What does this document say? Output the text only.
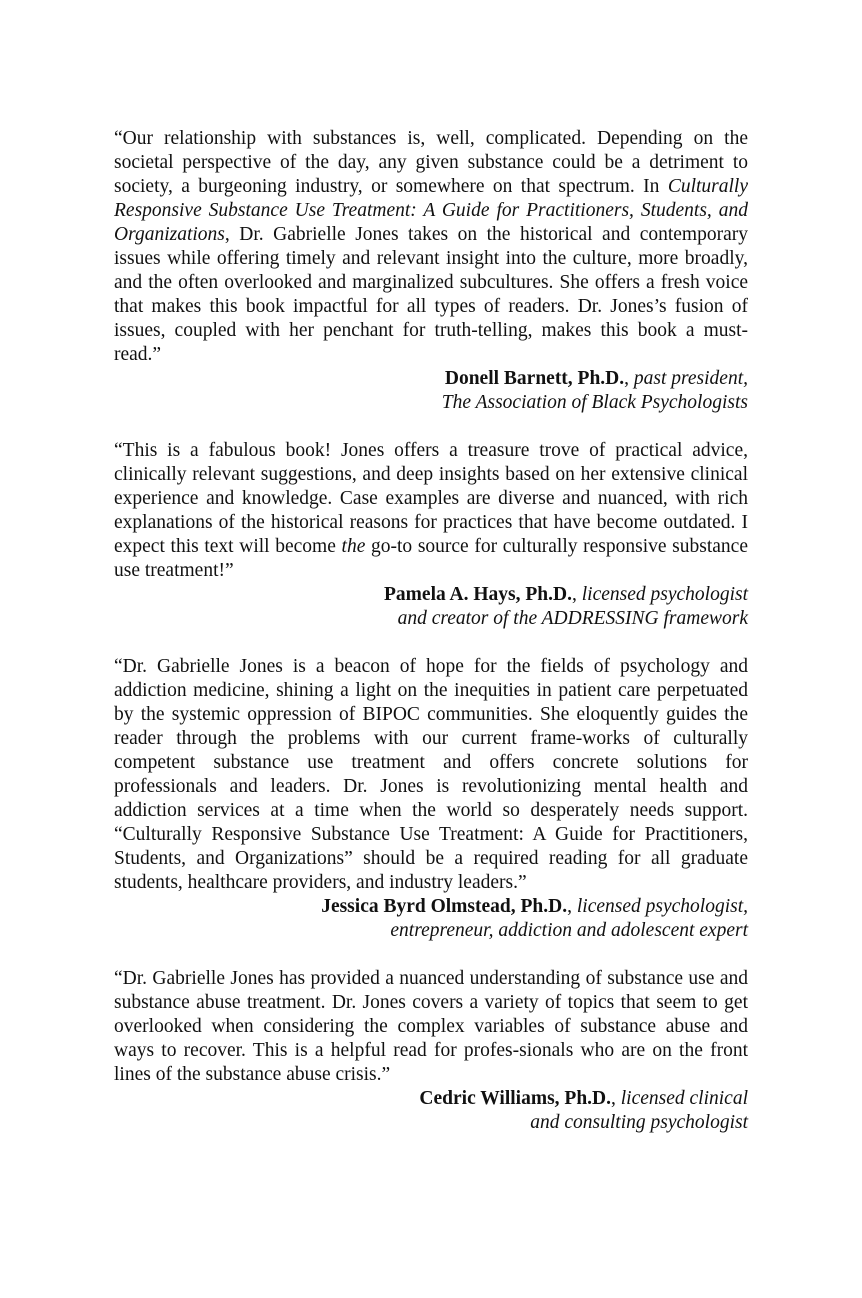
“Our relationship with substances is, well, complicated. Depending on the societal perspective of the day, any given substance could be a detriment to society, a burgeoning industry, or somewhere on that spectrum. In Culturally Responsive Substance Use Treatment: A Guide for Practitioners, Students, and Organizations, Dr. Gabrielle Jones takes on the historical and contemporary issues while offering timely and relevant insight into the culture, more broadly, and the often overlooked and marginalized subcultures. She offers a fresh voice that makes this book impactful for all types of readers. Dr. Jones’s fusion of issues, coupled with her penchant for truth-telling, makes this book a must-read.”

Donell Barnett, Ph.D., past president,

The Association of Black Psychologists

“This is a fabulous book! Jones offers a treasure trove of practical advice, clinically relevant suggestions, and deep insights based on her extensive clinical experience and knowledge. Case examples are diverse and nuanced, with rich explanations of the historical reasons for practices that have become outdated. I expect this text will become the go-to source for culturally responsive substance use treatment!”

Pamela A. Hays, Ph.D., licensed psychologist

and creator of the ADDRESSING framework

“Dr. Gabrielle Jones is a beacon of hope for the fields of psychology and addiction medicine, shining a light on the inequities in patient care perpetuated by the systemic oppression of BIPOC communities. She eloquently guides the reader through the problems with our current frame-works of culturally competent substance use treatment and offers concrete solutions for professionals and leaders. Dr. Jones is revolutionizing mental health and addiction services at a time when the world so desperately needs support. “Culturally Responsive Substance Use Treatment: A Guide for Practitioners, Students, and Organizations” should be a required reading for all graduate students, healthcare providers, and industry leaders.”

Jessica Byrd Olmstead, Ph.D., licensed psychologist,

entrepreneur, addiction and adolescent expert

“Dr. Gabrielle Jones has provided a nuanced understanding of substance use and substance abuse treatment. Dr. Jones covers a variety of topics that seem to get overlooked when considering the complex variables of substance abuse and ways to recover. This is a helpful read for profes-sionals who are on the front lines of the substance abuse crisis.”

Cedric Williams, Ph.D., licensed clinical

and consulting psychologist
